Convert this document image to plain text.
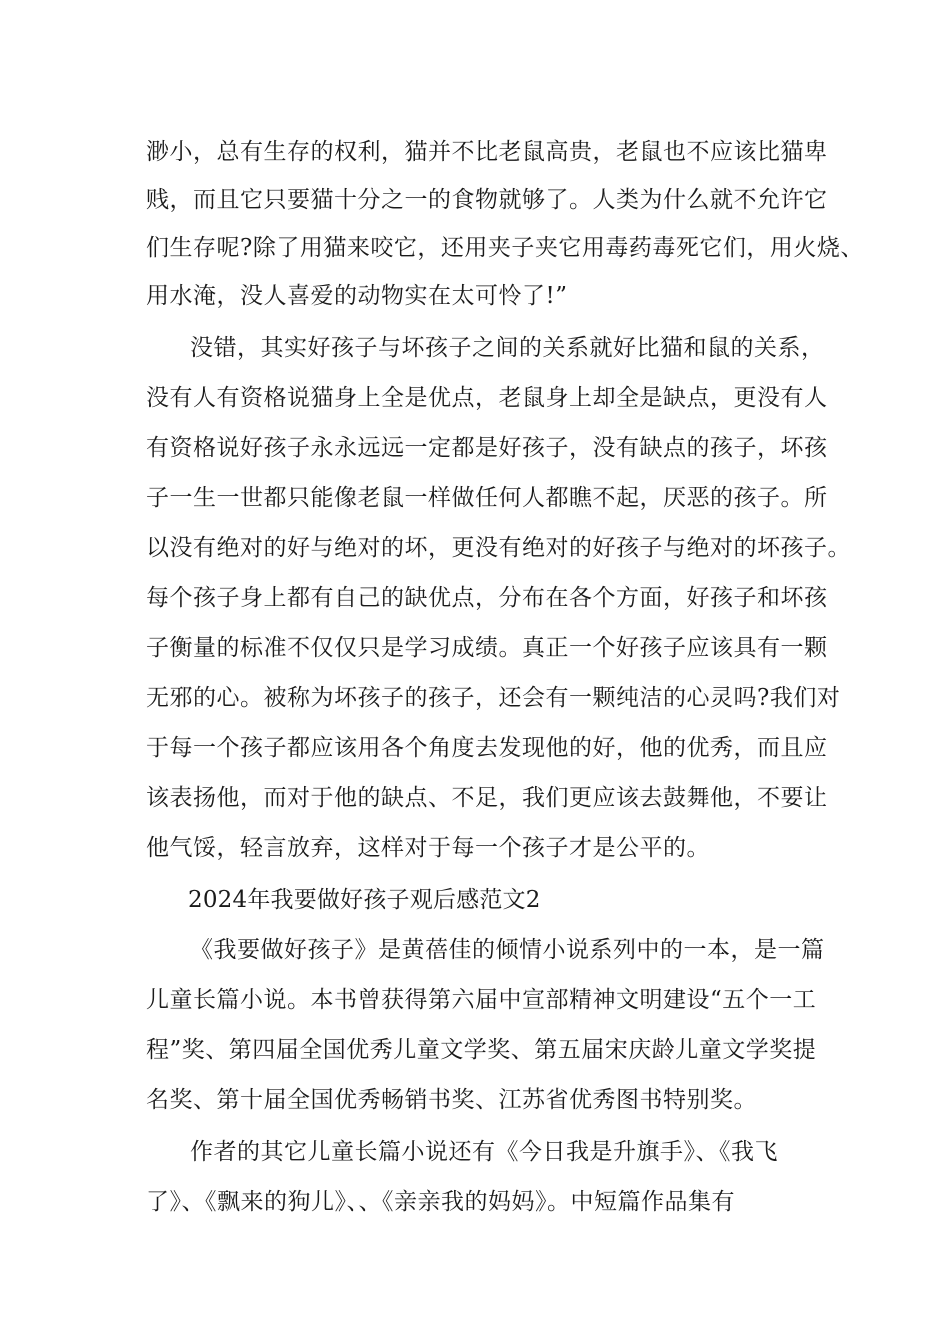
渺小，总有生存的权利，猫并不比老鼠高贵，老鼠也不应该比猫卑
贱，而且它只要猫十分之一的食物就够了。人类为什么就不允许它
们生存呢?除了用猫来咬它，还用夹子夹它用毒药毒死它们，用火烧、
用水淹，没人喜爱的动物实在太可怜了!”
没错，其实好孩子与坏孩子之间的关系就好比猫和鼠的关系，
没有人有资格说猫身上全是优点，老鼠身上却全是缺点，更没有人
有资格说好孩子永永远远一定都是好孩子，没有缺点的孩子，坏孩
子一生一世都只能像老鼠一样做任何人都瞧不起，厌恶的孩子。所
以没有绝对的好与绝对的坏，更没有绝对的好孩子与绝对的坏孩子。
每个孩子身上都有自己的缺优点，分布在各个方面，好孩子和坏孩
子衡量的标准不仅仅只是学习成绩。真正一个好孩子应该具有一颗
无邪的心。被称为坏孩子的孩子，还会有一颗纯洁的心灵吗?我们对
于每一个孩子都应该用各个角度去发现他的好，他的优秀，而且应
该表扬他，而对于他的缺点、不足，我们更应该去鼓舞他，不要让
他气馁，轻言放弃，这样对于每一个孩子才是公平的。
2024年我要做好孩子观后感范文2
《我要做好孩子》是黄蓓佳的倾情小说系列中的一本，是一篇
儿童长篇小说。本书曾获得第六届中宣部精神文明建设“五个一工
程”奖、第四届全国优秀儿童文学奖、第五届宋庆龄儿童文学奖提
名奖、第十届全国优秀畅销书奖、江苏省优秀图书特别奖。
作者的其它儿童长篇小说还有《今日我是升旗手》、《我飞
了》、《飘来的狗儿》、、《亲亲我的妈妈》。中短篇作品集有
